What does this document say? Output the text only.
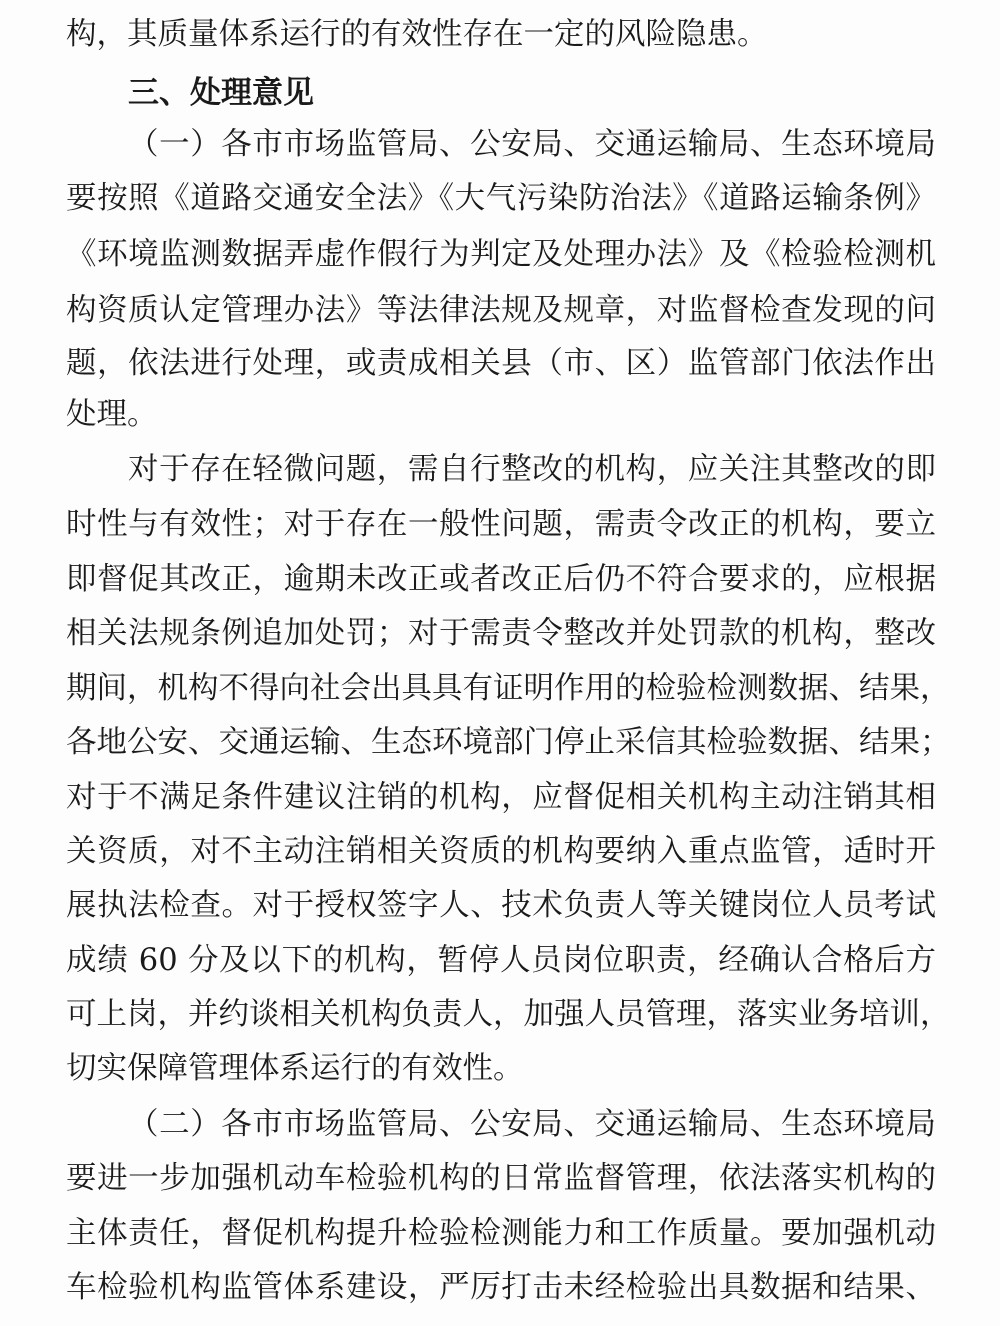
构，其质量体系运行的有效性存在一定的风险隐患。
三、处理意见
（一）各市市场监管局、公安局、交通运输局、生态环境局
要按照《道路交通安全法》《大气污染防治法》《道路运输条例》
《环境监测数据弄虚作假行为判定及处理办法》及《检验检测机
构资质认定管理办法》等法律法规及规章，对监督检查发现的问
题，依法进行处理，或责成相关县（市、区）监管部门依法作出
处理。
对于存在轻微问题，需自行整改的机构，应关注其整改的即
时性与有效性；对于存在一般性问题，需责令改正的机构，要立
即督促其改正，逾期未改正或者改正后仍不符合要求的，应根据
相关法规条例追加处罚；对于需责令整改并处罚款的机构，整改
期间，机构不得向社会出具具有证明作用的检验检测数据、结果，
各地公安、交通运输、生态环境部门停止采信其检验数据、结果；
对于不满足条件建议注销的机构，应督促相关机构主动注销其相
关资质，对不主动注销相关资质的机构要纳入重点监管，适时开
展执法检查。对于授权签字人、技术负责人等关键岗位人员考试
成绩 60 分及以下的机构，暂停人员岗位职责，经确认合格后方
可上岗，并约谈相关机构负责人，加强人员管理，落实业务培训，
切实保障管理体系运行的有效性。
（二）各市市场监管局、公安局、交通运输局、生态环境局
要进一步加强机动车检验机构的日常监督管理，依法落实机构的
主体责任，督促机构提升检验检测能力和工作质量。要加强机动
车检验机构监管体系建设，严厉打击未经检验出具数据和结果、
